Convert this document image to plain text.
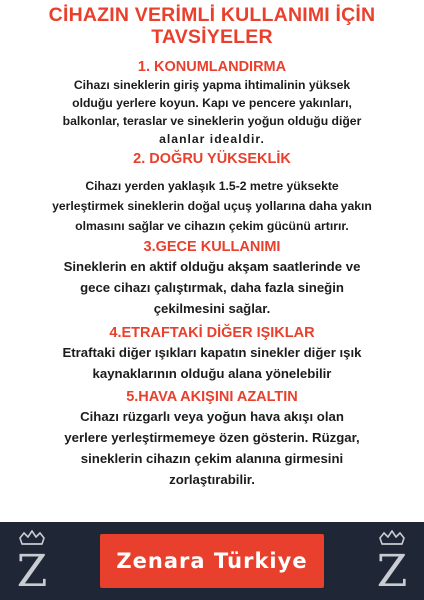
CİHAZIN VERİMLİ KULLANIMI İÇİN
TAVSİYELER
1. KONUMLANDIRMA
Cihazı sineklerin giriş yapma ihtimalinin yüksek
olduğu yerlere koyun. Kapı ve pencere yakınları,
balkonlar, teraslar ve sineklerin yoğun olduğu diğer
alanlar idealdir.
2. DOĞRU YÜKSEKLİK
Cihazı yerden yaklaşık 1.5-2 metre yüksekte
yerleştirmek sineklerin doğal uçuş yollarına daha yakın
olmasını sağlar ve cihazın çekim gücünü artırır.
3.GECE KULLANIMI
Sineklerin en aktif olduğu akşam saatlerinde ve
gece cihazı çalıştırmak, daha fazla sineğin
çekilmesini sağlar.
4.ETRAFTAKİ DİĞER IŞIKLAR
Etraftaki diğer ışıkları kapatın sinekler diğer ışık
kaynaklarının olduğu alana yönelebilir
5.HAVA AKIŞINI AZALTIN
Cihazı rüzgarlı veya yoğun hava akışı olan
yerlere yerleştirmemeye özen gösterin. Rüzgar,
sineklerin cihazın çekim alanına girmesini
zorlaştırabilir.
Z	Zenara Türkiye	Z
